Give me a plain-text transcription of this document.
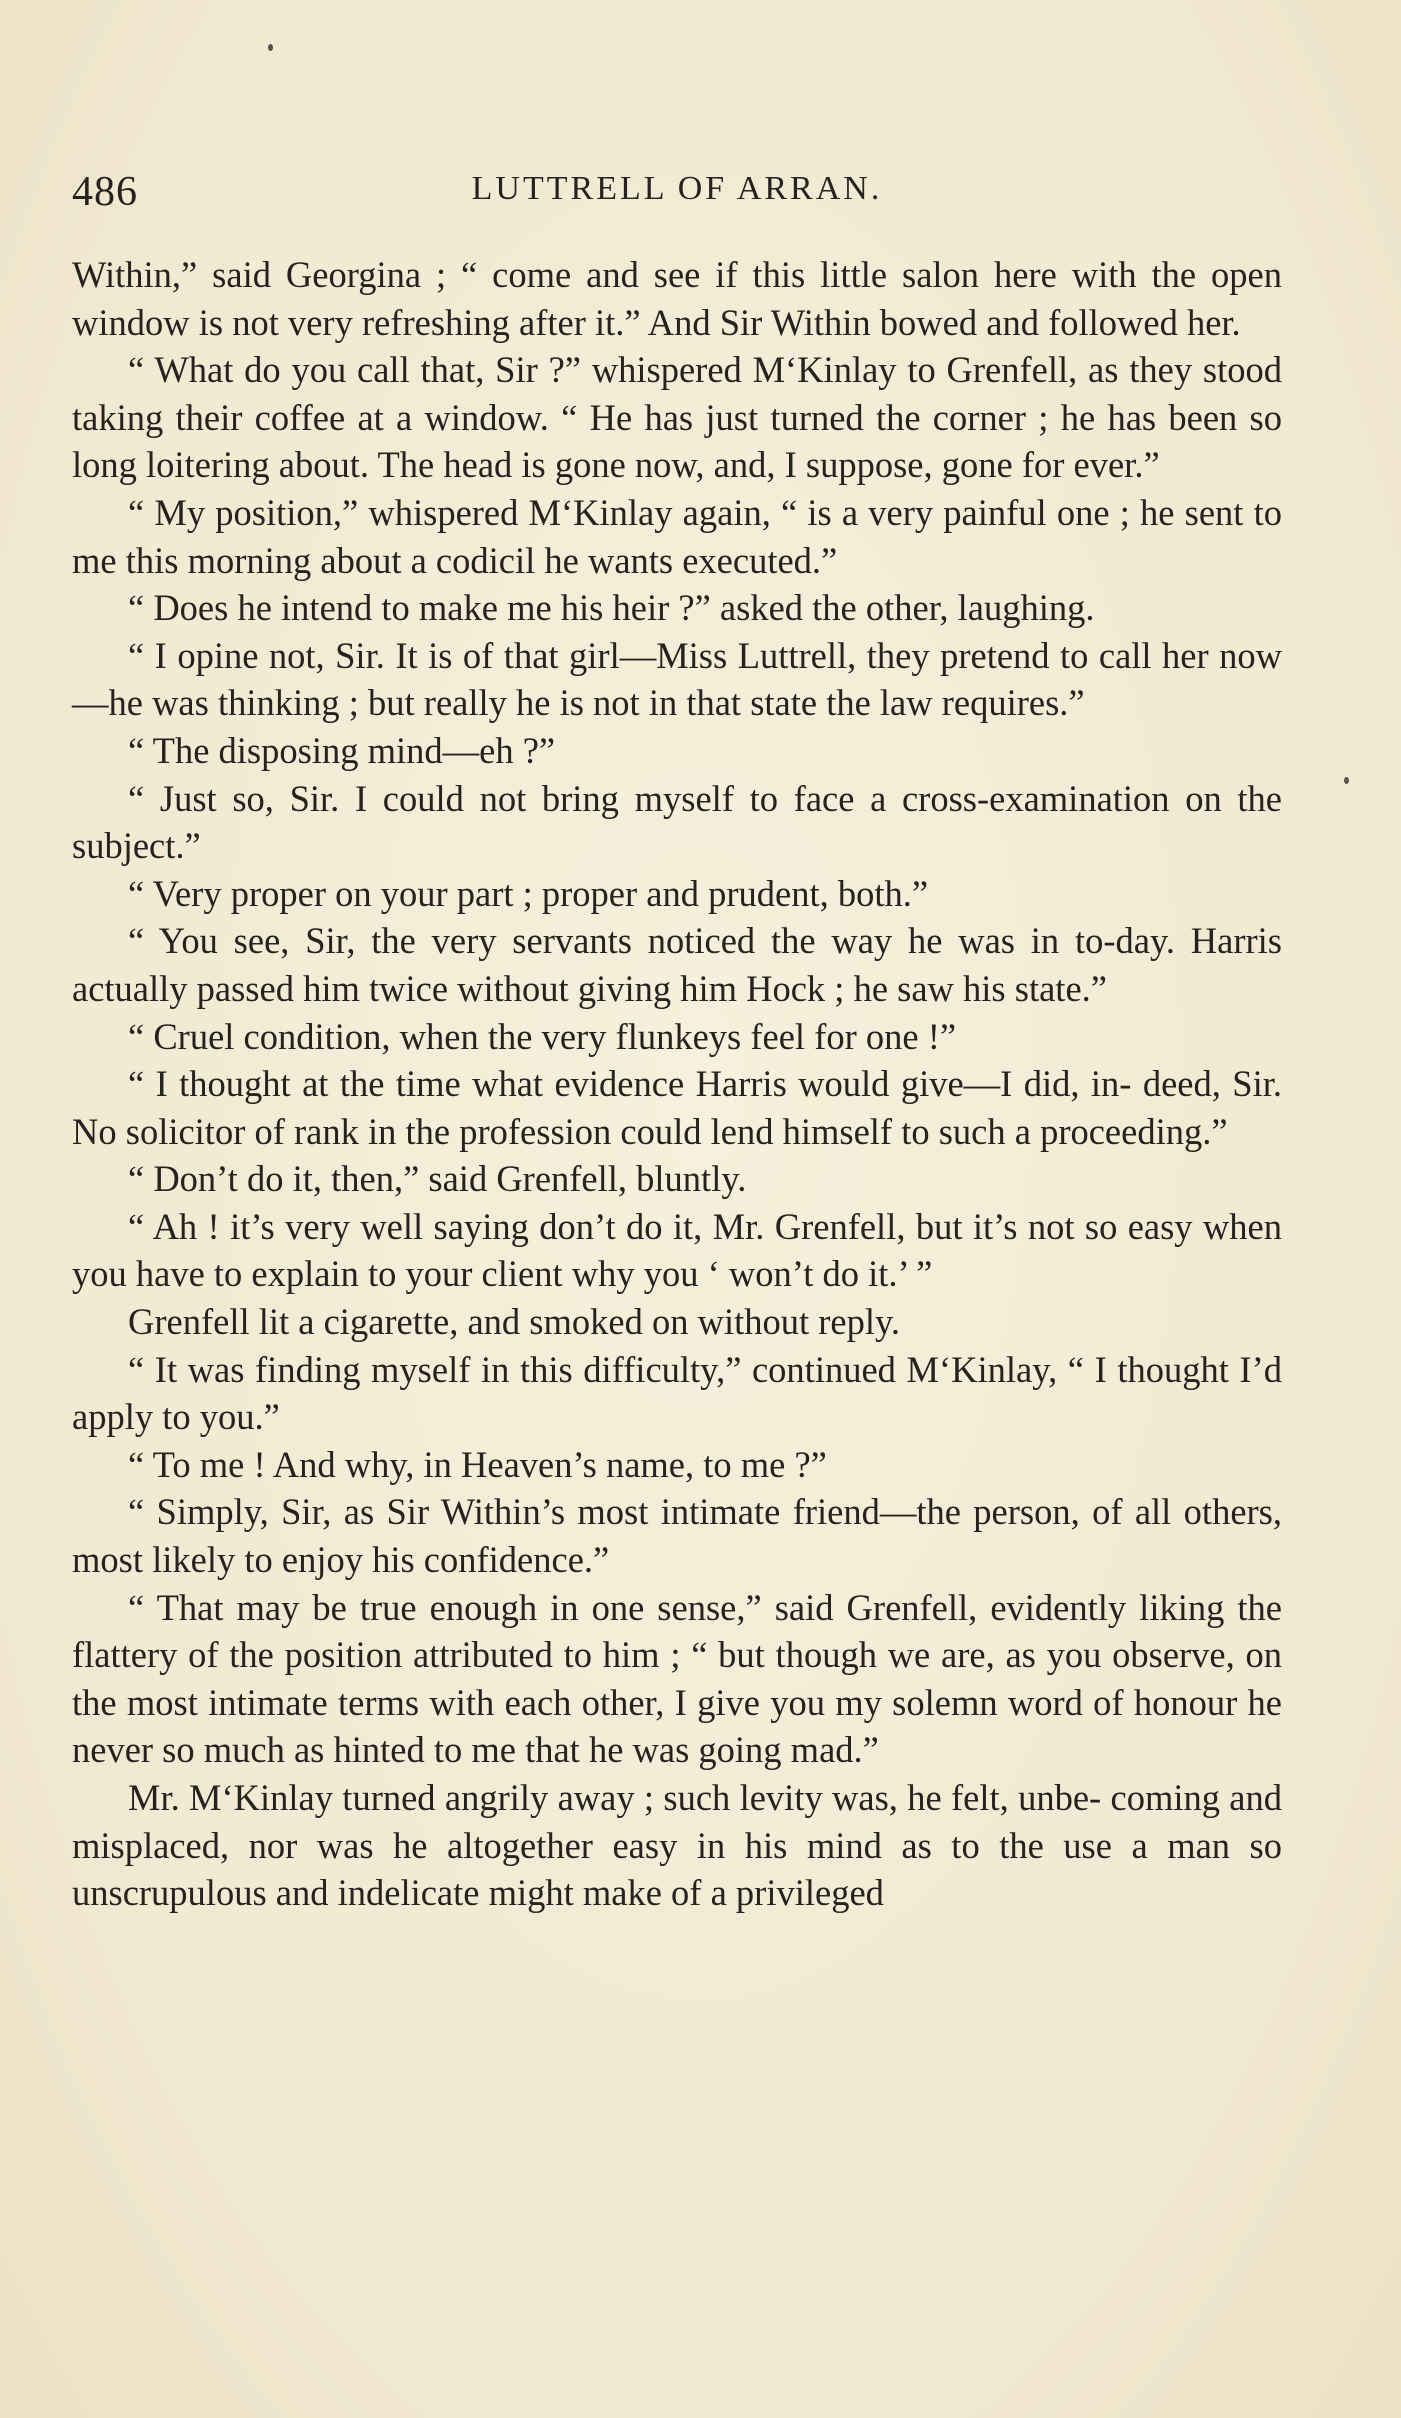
486	LUTTRELL OF ARRAN.

Within,” said Georgina ; “ come and see if this little salon here with the open window is not very refreshing after it.” And Sir Within bowed and followed her.

“ What do you call that, Sir ?” whispered M‘Kinlay to Grenfell, as they stood taking their coffee at a window. “ He has just turned the corner ; he has been so long loitering about. The head is gone now, and, I suppose, gone for ever.”

“ My position,” whispered M‘Kinlay again, “ is a very painful one ; he sent to me this morning about a codicil he wants executed.”

“ Does he intend to make me his heir ?” asked the other, laughing.

“ I opine not, Sir. It is of that girl—Miss Luttrell, they pretend to call her now—he was thinking ; but really he is not in that state the law requires.”

“ The disposing mind—eh ?”

“ Just so, Sir. I could not bring myself to face a cross-examination on the subject.”

“ Very proper on your part ; proper and prudent, both.”

“ You see, Sir, the very servants noticed the way he was in to-day. Harris actually passed him twice without giving him Hock ; he saw his state.”

“ Cruel condition, when the very flunkeys feel for one !”

“ I thought at the time what evidence Harris would give—I did, in- deed, Sir. No solicitor of rank in the profession could lend himself to such a proceeding.”

“ Don’t do it, then,” said Grenfell, bluntly.

“ Ah ! it’s very well saying don’t do it, Mr. Grenfell, but it’s not so easy when you have to explain to your client why you ‘ won’t do it.’ ”

Grenfell lit a cigarette, and smoked on without reply.

“ It was finding myself in this difficulty,” continued M‘Kinlay, “ I thought I’d apply to you.”

“ To me ! And why, in Heaven’s name, to me ?”

“ Simply, Sir, as Sir Within’s most intimate friend—the person, of all others, most likely to enjoy his confidence.”

“ That may be true enough in one sense,” said Grenfell, evidently liking the flattery of the position attributed to him ; “ but though we are, as you observe, on the most intimate terms with each other, I give you my solemn word of honour he never so much as hinted to me that he was going mad.”

Mr. M‘Kinlay turned angrily away ; such levity was, he felt, unbe- coming and misplaced, nor was he altogether easy in his mind as to the use a man so unscrupulous and indelicate might make of a privileged
